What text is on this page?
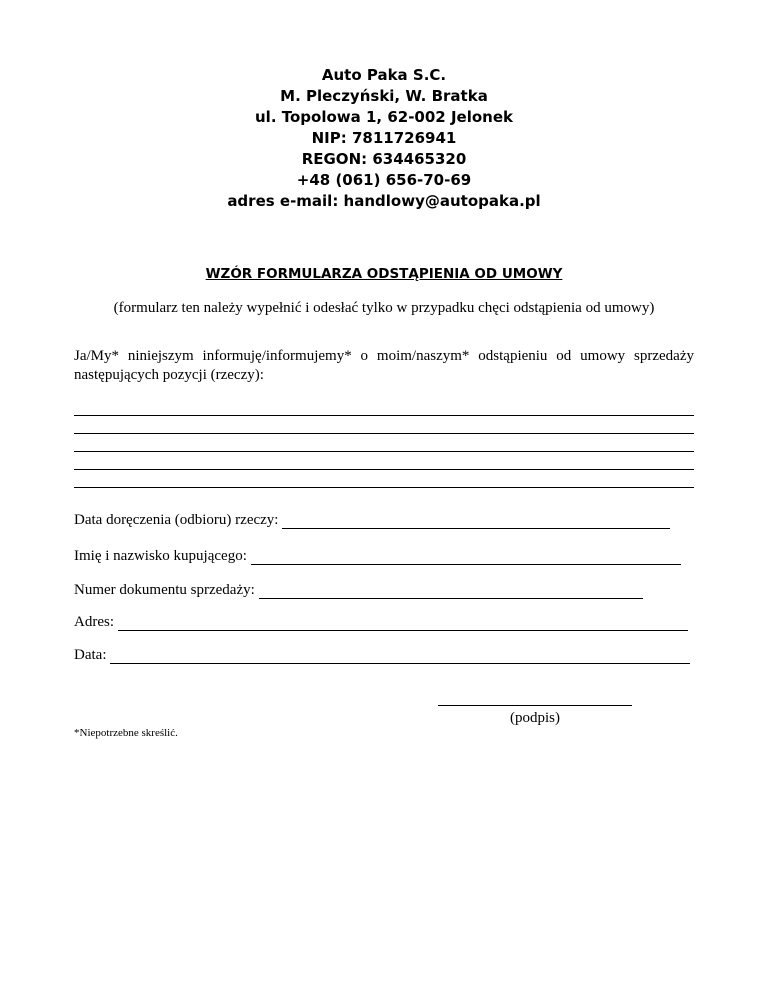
Auto Paka S.C.
M. Pleczyński, W. Bratka
ul. Topolowa 1, 62-002 Jelonek
NIP: 7811726941
REGON: 634465320
+48 (061) 656-70-69
adres e-mail: handlowy@autopaka.pl
WZÓR FORMULARZA ODSTĄPIENIA OD UMOWY
(formularz ten należy wypełnić i odesłać tylko w przypadku chęci odstąpienia od umowy)
Ja/My* niniejszym informuję/informujemy* o moim/naszym* odstąpieniu od umowy sprzedaży następujących pozycji (rzeczy):
Data doręczenia (odbioru) rzeczy:
Imię i nazwisko kupującego:
Numer dokumentu sprzedaży:
Adres:
Data:
(podpis)
*Niepotrzebne skreślić.
